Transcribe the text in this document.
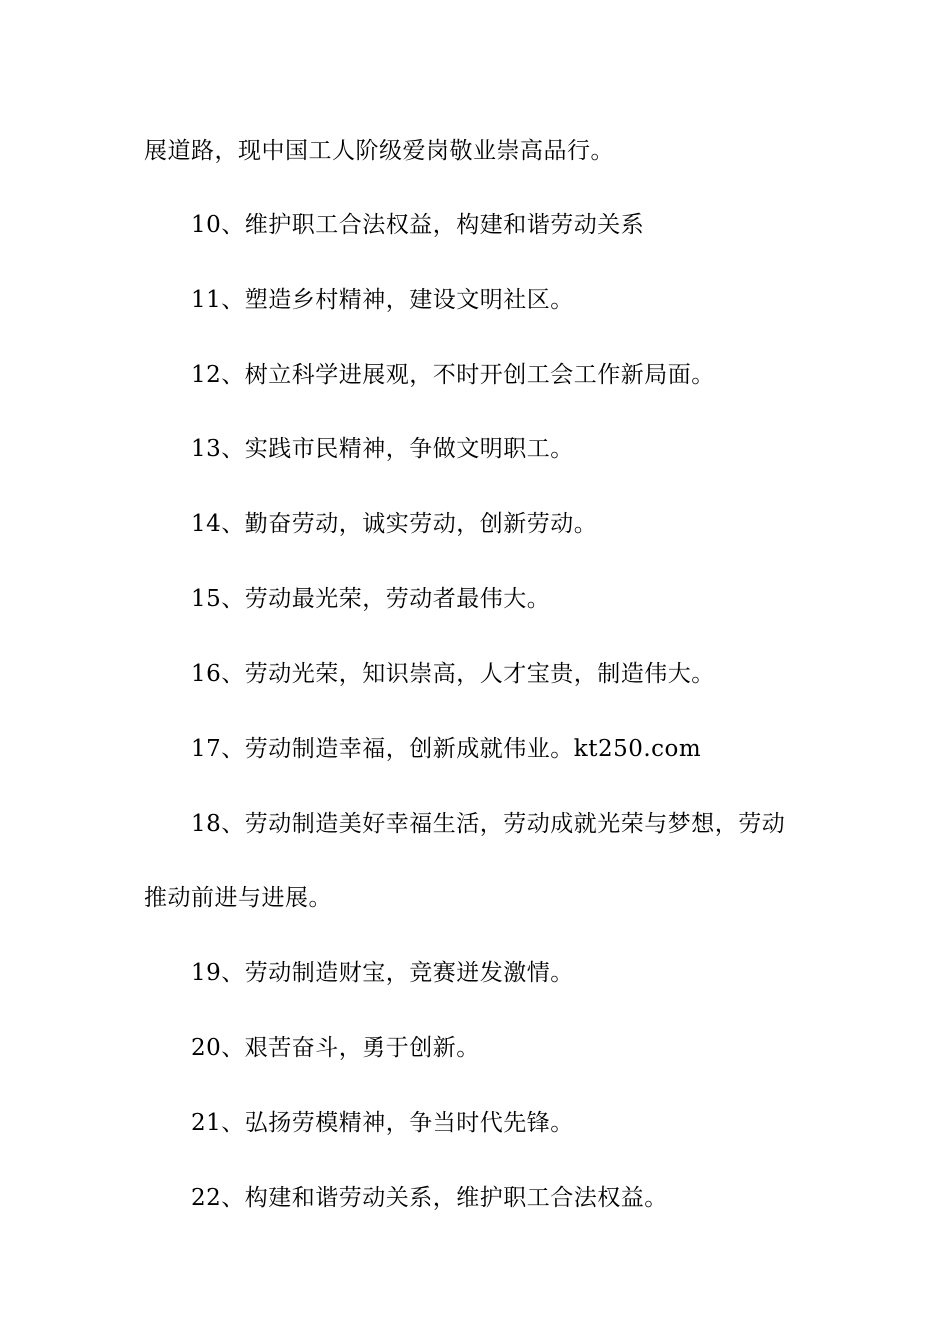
展道路，现中国工人阶级爱岗敬业崇高品行。
10、维护职工合法权益，构建和谐劳动关系
11、塑造乡村精神，建设文明社区。
12、树立科学进展观，不时开创工会工作新局面。
13、实践市民精神，争做文明职工。
14、勤奋劳动，诚实劳动，创新劳动。
15、劳动最光荣，劳动者最伟大。
16、劳动光荣，知识崇高，人才宝贵，制造伟大。
17、劳动制造幸福，创新成就伟业。kt250.com
18、劳动制造美好幸福生活，劳动成就光荣与梦想，劳动
推动前进与进展。
19、劳动制造财宝，竞赛迸发激情。
20、艰苦奋斗，勇于创新。
21、弘扬劳模精神，争当时代先锋。
22、构建和谐劳动关系，维护职工合法权益。
